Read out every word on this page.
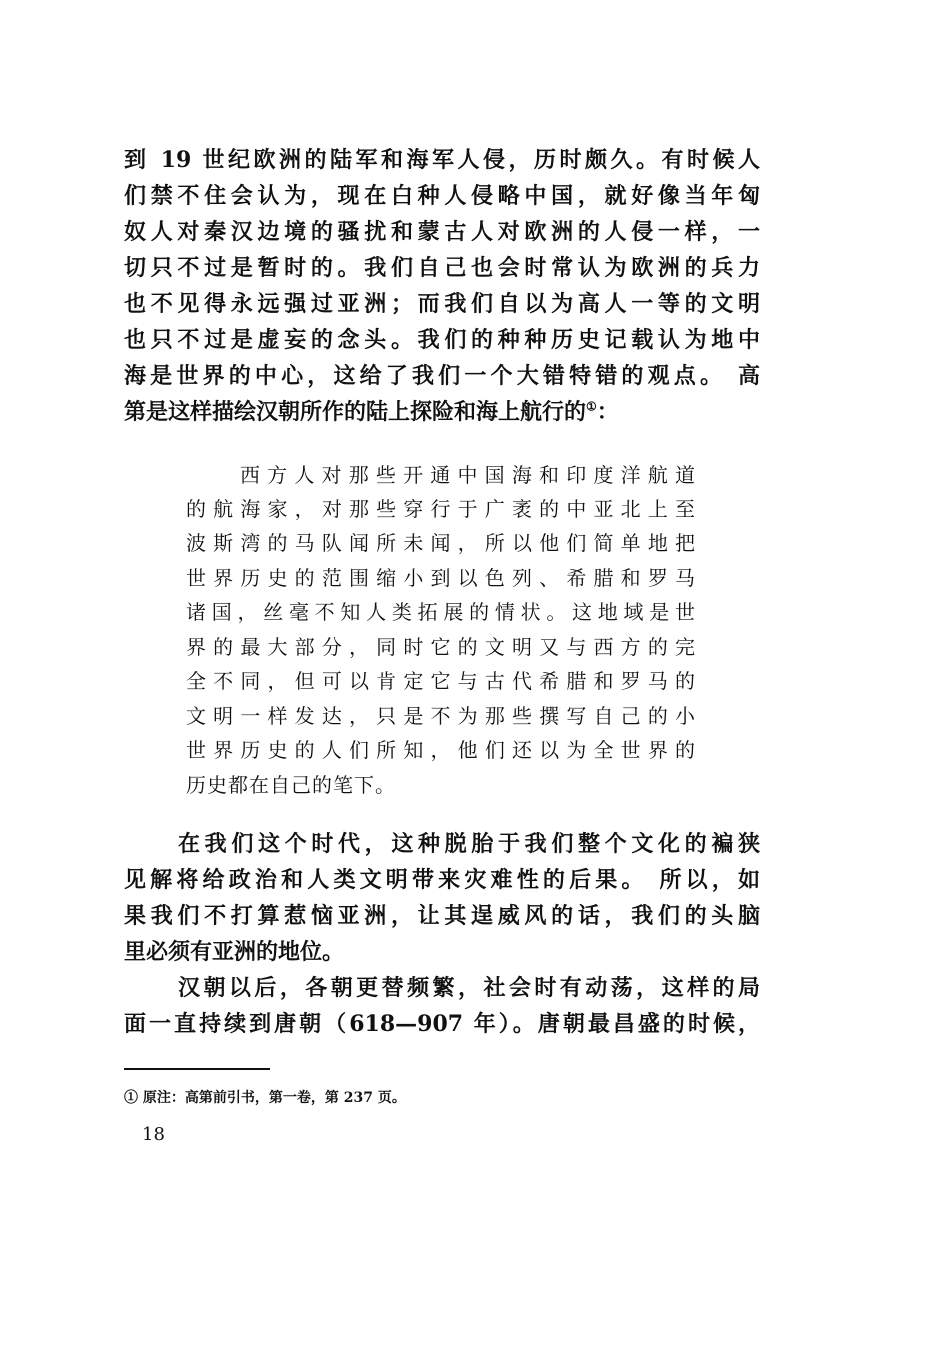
到 19 世纪欧洲的陆军和海军人侵，历时颇久。有时候人
们禁不住会认为，现在白种人侵略中国，就好像当年匈
奴人对秦汉边境的骚扰和蒙古人对欧洲的人侵一样，一
切只不过是暂时的。我们自己也会时常认为欧洲的兵力
也不见得永远强过亚洲；而我们自以为高人一等的文明
也只不过是虚妄的念头。我们的种种历史记载认为地中
海是世界的中心，这给了我们一个大错特错的观点。 高
第是这样描绘汉朝所作的陆上探险和海上航行的①：
西方人对那些开通中国海和印度洋航道
的航海家，对那些穿行于广袤的中亚北上至
波斯湾的马队闻所未闻，所以他们简单地把
世界历史的范围缩小到以色列、希腊和罗马
诸国，丝毫不知人类拓展的情状。这地域是世
界的最大部分，同时它的文明又与西方的完
全不同，但可以肯定它与古代希腊和罗马的
文明一样发达，只是不为那些撰写自己的小
世界历史的人们所知，他们还以为全世界的
历史都在自己的笔下。
在我们这个时代，这种脱胎于我们整个文化的褊狭
见解将给政治和人类文明带来灾难性的后果。 所以，如
果我们不打算惹恼亚洲，让其逞威风的话，我们的头脑
里必须有亚洲的地位。
汉朝以后，各朝更替频繁，社会时有动荡，这样的局
面一直持续到唐朝（618—907 年）。唐朝最昌盛的时候，
① 原注：高第前引书，第一卷，第 237 页。
18
